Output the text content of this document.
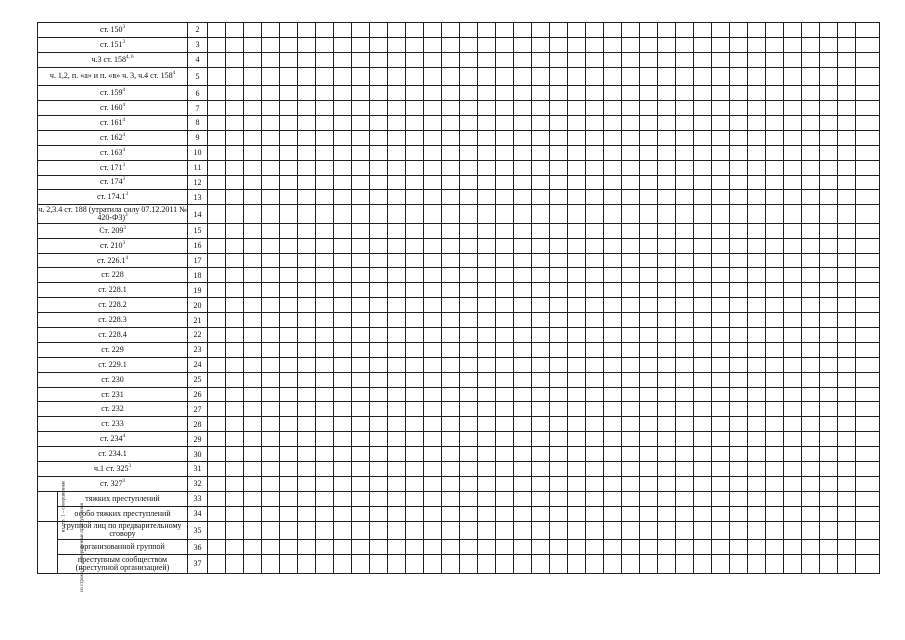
ст. $150^3$		2																																					
ст. $151^3$		3																																					
ч.3 ст. 158$^{4, 6}$		4																																					
ч. 1,2, п. «а» и п. «в» ч. 3, ч.4 ст. $158^4$		5																																					
ст. $159^4$		6																																					
ст. $160^4$		7																																					
ст. $161^4$		8																																					
ст. $162^4$		9																																					
ст. $163^4$		10																																					
ст. $171^3$		11																																					
ст. $174^3$		12																																					
ст. 174.1$^3$		13																																					
ч. 2,3.4 ст. 188 (утратила силу 07.12.2011 № 420-ФЗ)$^3$		14																																					
Ст. $209^3$		15																																					
ст. $210^3$		16																																					
ст. 226.1$^4$		17																																					
ст. 228		18																																					
ст. 228.1		19																																					
ст. 228.2		20																																					
ст. 228.3		21																																					
ст. 228.4		22																																					
ст. 229		23																																					
ст. 229.1		24																																					
ст. 230		25																																					
ст. 231		26																																					
ст. 232		27																																					
ст. 233		28																																					
ст. $234^4$		29																																					
ст. 234.1		30																																					
ч.1 ст. $325^3$		31																																					
ст. $327^3$		32																																					
из стр. 1 – совершенные	тяжких преступлений	33																																					
	особо тяжких преступлений	34																																					
из строки 1 – совершенные преступления	группой лиц по предварительному сговору	35																																					
	организованной группой	36																																					
	преступным сообществом (преступной организацией)	37																																					
